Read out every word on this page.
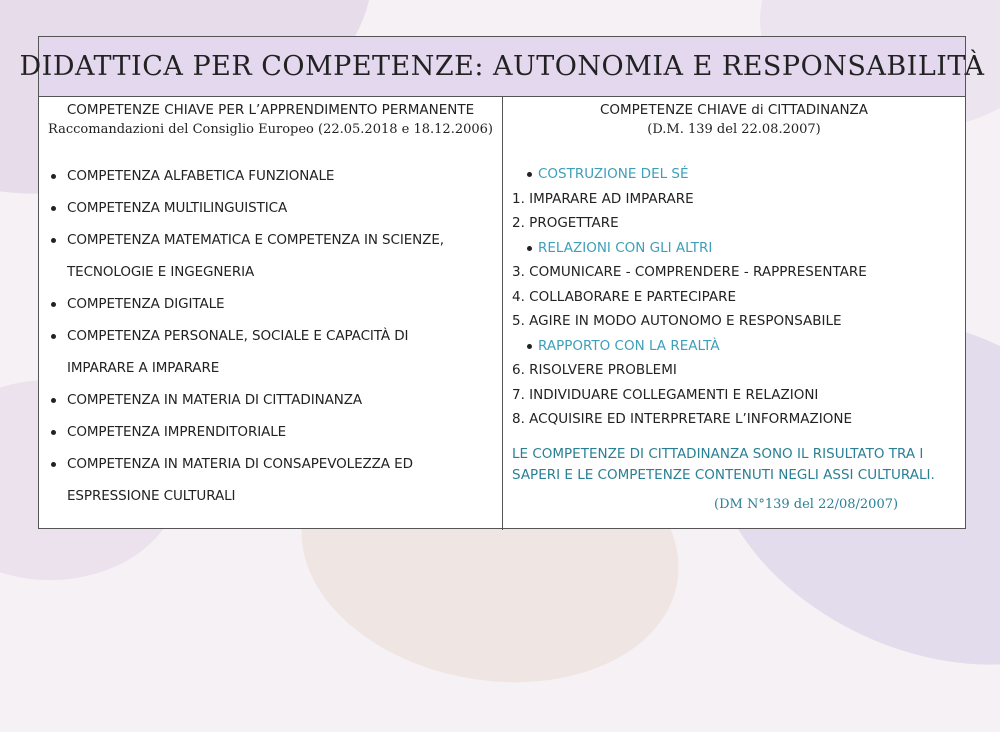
DIDATTICA PER COMPETENZE: AUTONOMIA E RESPONSABILITÀ
COMPETENZE CHIAVE PER L’APPRENDIMENTO PERMANENTE
Raccomandazioni del Consiglio Europeo (22.05.2018 e 18.12.2006)
COMPETENZA ALFABETICA FUNZIONALE
COMPETENZA MULTILINGUISTICA
COMPETENZA MATEMATICA E COMPETENZA IN SCIENZE,
TECNOLOGIE E INGEGNERIA
COMPETENZA DIGITALE
COMPETENZA PERSONALE, SOCIALE E CAPACITÀ DI
IMPARARE A IMPARARE
COMPETENZA IN MATERIA DI CITTADINANZA
COMPETENZA IMPRENDITORIALE
COMPETENZA IN MATERIA DI CONSAPEVOLEZZA ED
ESPRESSIONE CULTURALI
COMPETENZE CHIAVE di CITTADINANZA
(D.M. 139 del 22.08.2007)
COSTRUZIONE DEL SÉ
1. IMPARARE AD IMPARARE
2. PROGETTARE
RELAZIONI CON GLI ALTRI
3. COMUNICARE - COMPRENDERE - RAPPRESENTARE
4. COLLABORARE E PARTECIPARE
5. AGIRE IN MODO AUTONOMO E RESPONSABILE
RAPPORTO CON LA REALTÀ
6. RISOLVERE PROBLEMI
7. INDIVIDUARE COLLEGAMENTI E RELAZIONI
8. ACQUISIRE ED INTERPRETARE L’INFORMAZIONE
LE COMPETENZE DI CITTADINANZA SONO IL RISULTATO TRA I SAPERI E LE COMPETENZE CONTENUTI NEGLI ASSI CULTURALI.
(DM N°139 del 22/08/2007)
